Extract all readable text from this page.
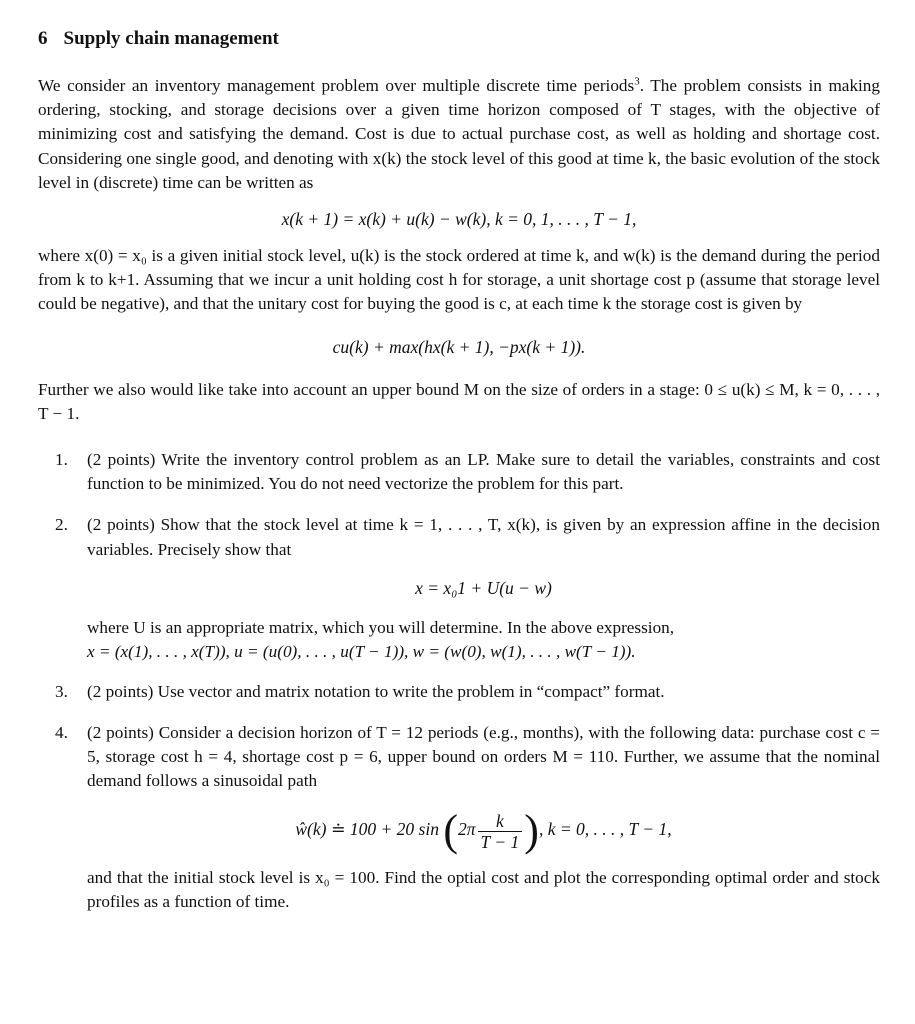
6 Supply chain management

We consider an inventory management problem over multiple discrete time periods$^3$. The problem consists in making ordering, stocking, and storage decisions over a given time horizon composed of T stages, with the objective of minimizing cost and satisfying the demand. Cost is due to actual purchase cost, as well as holding and shortage cost. Considering one single good, and denoting with x(k) the stock level of this good at time k, the basic evolution of the stock level in (discrete) time can be written as

x(k + 1) = x(k) + u(k) − w(k), k = 0, 1, . . . , T − 1,

where x(0) = x₀ is a given initial stock level, u(k) is the stock ordered at time k, and w(k) is the demand during the period from k to k+1. Assuming that we incur a unit holding cost h for storage, a unit shortage cost p (assume that storage level could be negative), and that the unitary cost for buying the good is c, at each time k the storage cost is given by

cu(k) + max(hx(k + 1), −px(k + 1)).

Further we also would like take into account an upper bound M on the size of orders in a stage: 0 ≤ u(k) ≤ M, k = 0, . . . , T − 1.

1. (2 points) Write the inventory control problem as an LP. Make sure to detail the variables, constraints and cost function to be minimized. You do not need vectorize the problem for this part.
2. (2 points) Show that the stock level at time k = 1, . . . , T, x(k), is given by an expression affine in the decision variables. Precisely show that
x = x₀1 + U(u − w)
where U is an appropriate matrix, which you will determine. In the above expression,
x = (x(1), . . . , x(T)), u = (u(0), . . . , u(T − 1)), w = (w(0), w(1), . . . , w(T − 1)).
3. (2 points) Use vector and matrix notation to write the problem in “compact” format.
4. (2 points) Consider a decision horizon of T = 12 periods (e.g., months), with the following data: purchase cost c = 5, storage cost h = 4, shortage cost p = 6, upper bound on orders M = 110. Further, we assume that the nominal demand follows a sinusoidal path
ŵ(k) ≐ 100 + 20 $\sin (2\pi \frac{k}{T - 1}$ ), k = 0, . . . , T − 1,
and that the initial stock level is x₀ = 100. Find the optial cost and plot the corresponding optimal order and stock profiles as a function of time.
